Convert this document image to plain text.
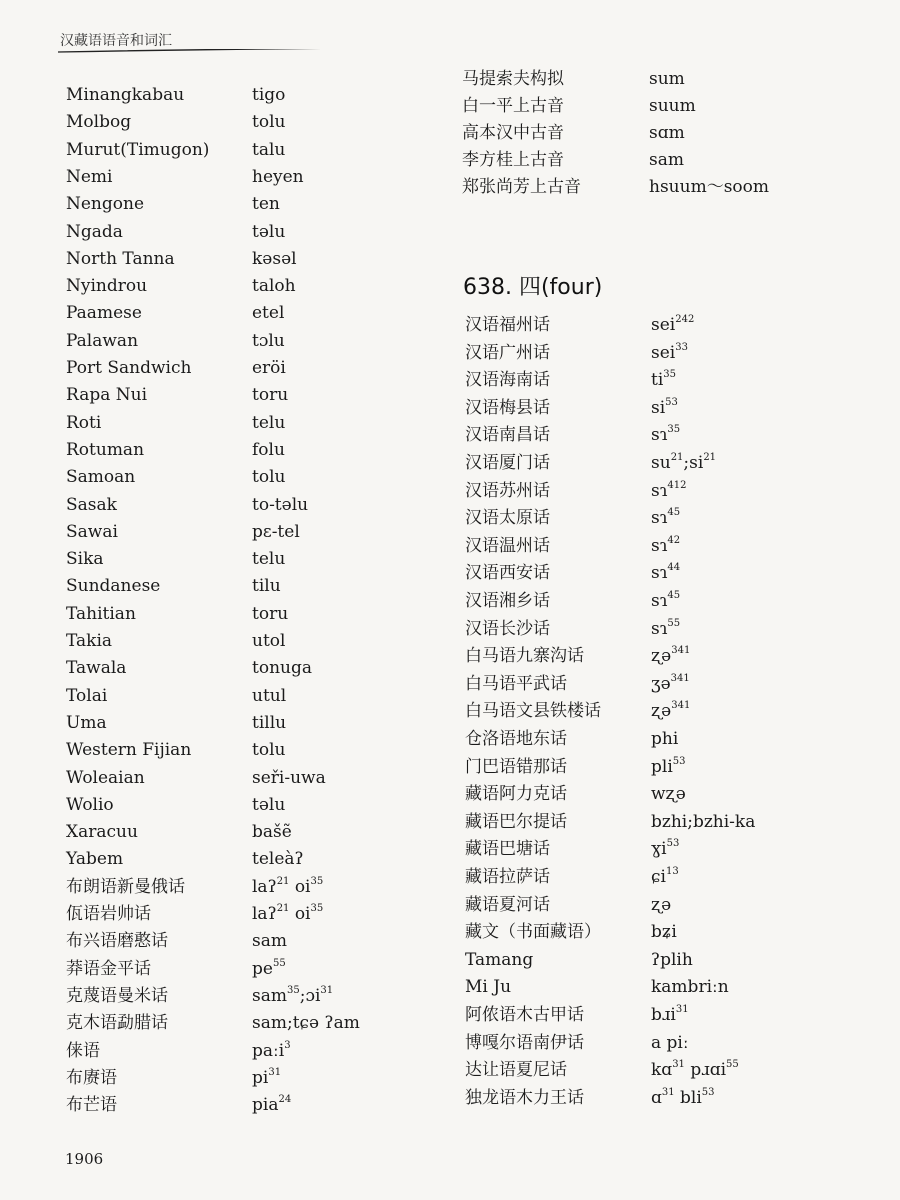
汉藏语语音和词汇
Minangkabau	tigo
Molbog	tolu
Murut(Timugon)	talu
Nemi	heyen
Nengone	ten
Ngada	təlu
North Tanna	kəsəl
Nyindrou	taloh
Paamese	etel
Palawan	tɔlu
Port Sandwich	eröi
Rapa Nui	toru
Roti	telu
Rotuman	folu
Samoan	tolu
Sasak	to-təlu
Sawai	pɛ-tel
Sika	telu
Sundanese	tilu
Tahitian	toru
Takia	utol
Tawala	tonuga
Tolai	utul
Uma	tillu
Western Fijian	tolu
Woleaian	seři-uwa
Wolio	təlu
Xaracuu	bašẽ
Yabem	teleàʔ
布朗语新曼俄话	laʔ$^{21}$ $oi^{35}$
佤语岩帅话	laʔ$^{21}$ $oi^{35}$
布兴语磨憨话	sam
莽语金平话	$pe^{55}$
克蔑语曼米话	sam$^{35}$;ɔi$^{31}$
克木语勐腊话	sam;tɕə ʔam
俫语	paːi$^3$
布赓语	$pi^{31}$
布芒语	pia$^{24}$
马提索夫构拟	sum
白一平上古音	suum
高本汉中古音	sɑm
李方桂上古音	sam
郑张尚芳上古音	hsuum～soom
638. 四(four)
汉语福州话	sei$^{242}$
汉语广州话	sei$^{33}$
汉语海南话	$ti^{35}$
汉语梅县话	$si^{53}$
汉语南昌话	sɿ$^{35}$
汉语厦门话	$su^{21};si^{21}$
汉语苏州话	sɿ$^{412}$
汉语太原话	sɿ$^{45}$
汉语温州话	sɿ$^{42}$
汉语西安话	sɿ$^{44}$
汉语湘乡话	sɿ$^{45}$
汉语长沙话	sɿ$^{55}$
白马语九寨沟话	ʐə$^{341}$
白马语平武话	ʒə$^{341}$
白马语文县铁楼话	ʐə$^{341}$
仓洛语地东话	phi
门巴语错那话	pli$^{53}$
藏语阿力克话	wʐə
藏语巴尔提话	bzhi;bzhi-ka
藏语巴塘话	ɣi$^{53}$
藏语拉萨话	ɕi$^{13}$
藏语夏河话	ʐə
藏文（书面藏语）	bʑi
Tamang	ʔplih
Mi Ju	kambriːn
阿侬语木古甲话	bɹi$^{31}$
博嘎尔语南伊话	a piː
达让语夏尼话	kɑ$^{31}$ pɹɑi$^{55}$
独龙语木力王话	ɑ$^{31}$ bli$^{53}$
1906
